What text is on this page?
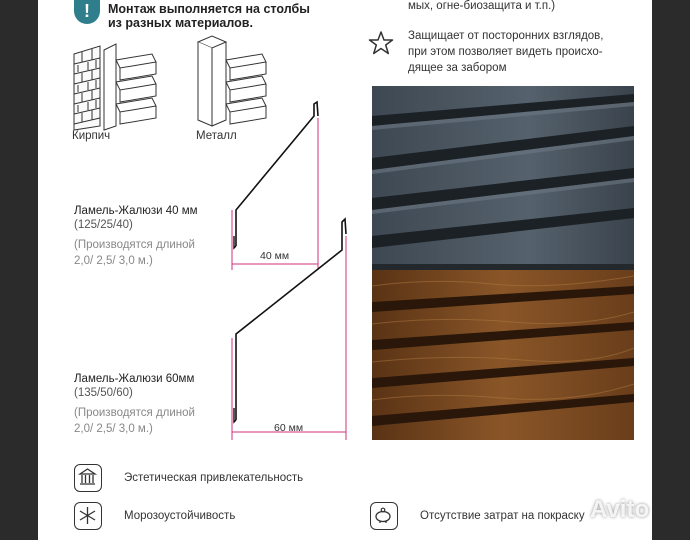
!	Монтаж выполняется на столбы
из разных материалов.
мых, огне-биозащита и т.п.)
Защищает от посторонних взглядов,
при этом позволяет видеть происхо-
дящее за забором
Кирпич	Металл
Ламель-Жалюзи 40 мм
(125/25/40)
(Производятся длиной
2,0/ 2,5/ 3,0 м.)	40 мм
Ламель-Жалюзи 60мм
(135/50/60)
(Производятся длиной
2,0/ 2,5/ 3,0 м.)	60 мм
Эстетическая привлекательность
Морозоустойчивость	Отсутствие затрат на покраску Avito
